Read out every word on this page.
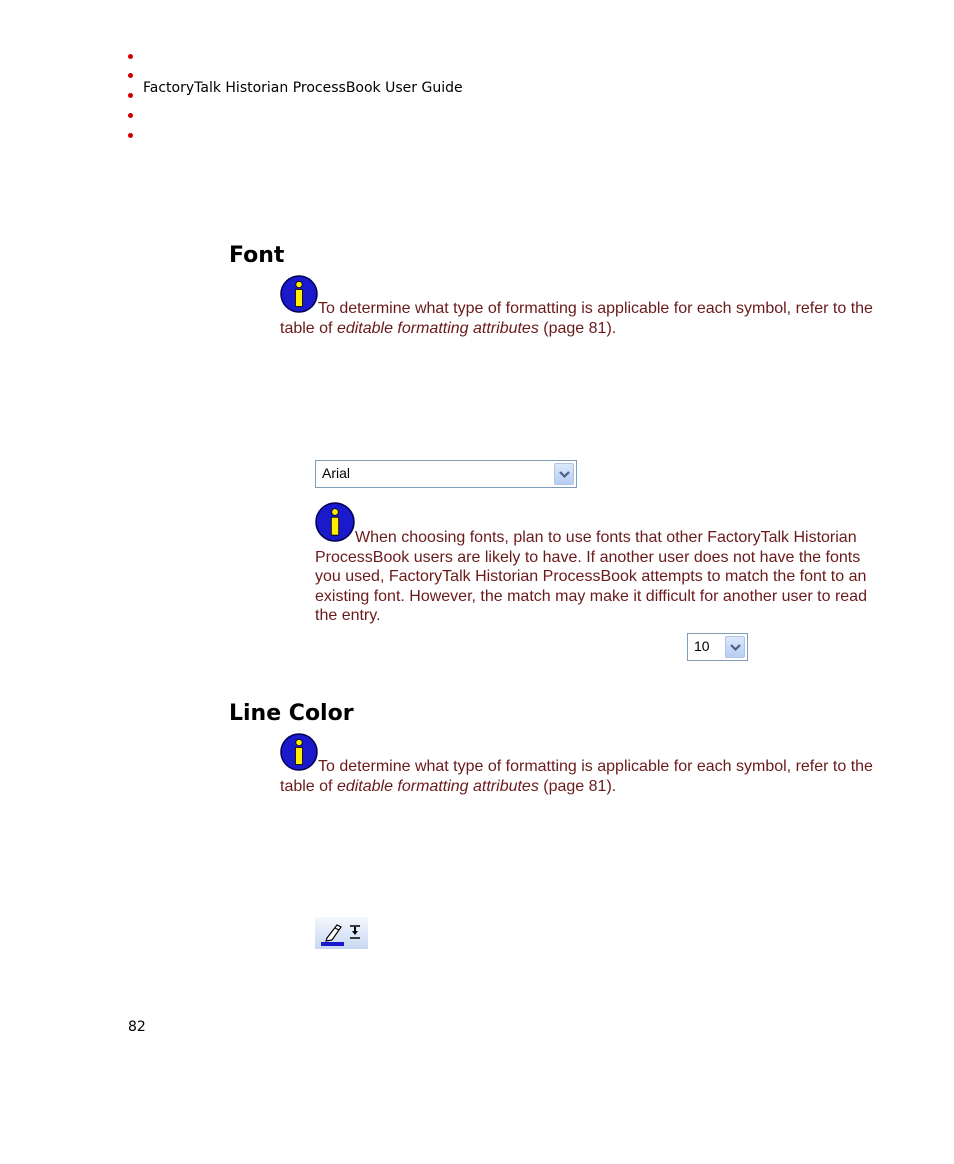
FactoryTalk Historian ProcessBook User Guide
Font
To determine what type of formatting is applicable for each symbol, refer to the table of editable formatting attributes (page 81).
Arial
When choosing fonts, plan to use fonts that other FactoryTalk Historian ProcessBook users are likely to have. If another user does not have the fonts you used, FactoryTalk Historian ProcessBook attempts to match the font to an existing font. However, the match may make it difficult for another user to read the entry.
10
Line Color
To determine what type of formatting is applicable for each symbol, refer to the table of editable formatting attributes (page 81).
82
